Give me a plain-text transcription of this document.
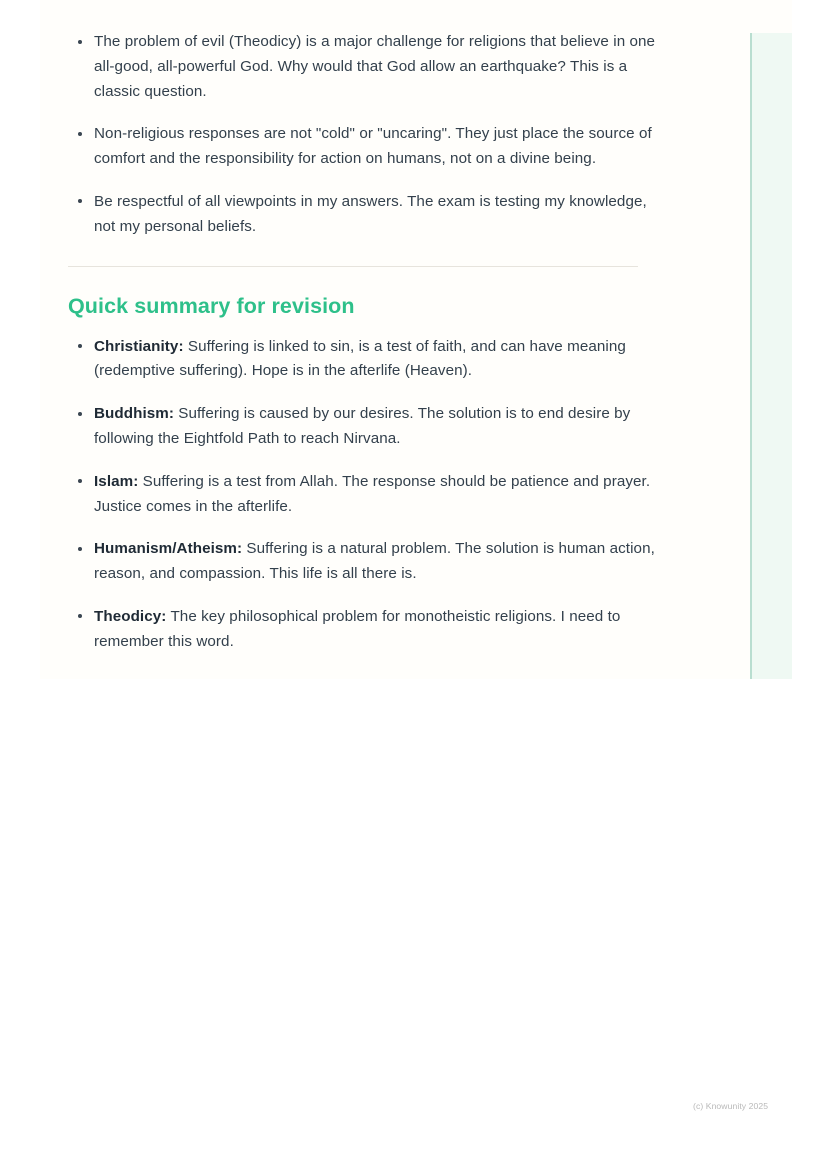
The problem of evil (Theodicy) is a major challenge for religions that believe in one all-good, all-powerful God. Why would that God allow an earthquake? This is a classic question.
Non-religious responses are not "cold" or "uncaring". They just place the source of comfort and the responsibility for action on humans, not on a divine being.
Be respectful of all viewpoints in my answers. The exam is testing my knowledge, not my personal beliefs.
Quick summary for revision
Christianity: Suffering is linked to sin, is a test of faith, and can have meaning (redemptive suffering). Hope is in the afterlife (Heaven).
Buddhism: Suffering is caused by our desires. The solution is to end desire by following the Eightfold Path to reach Nirvana.
Islam: Suffering is a test from Allah. The response should be patience and prayer. Justice comes in the afterlife.
Humanism/Atheism: Suffering is a natural problem. The solution is human action, reason, and compassion. This life is all there is.
Theodicy: The key philosophical problem for monotheistic religions. I need to remember this word.
(c) Knowunity 2025
